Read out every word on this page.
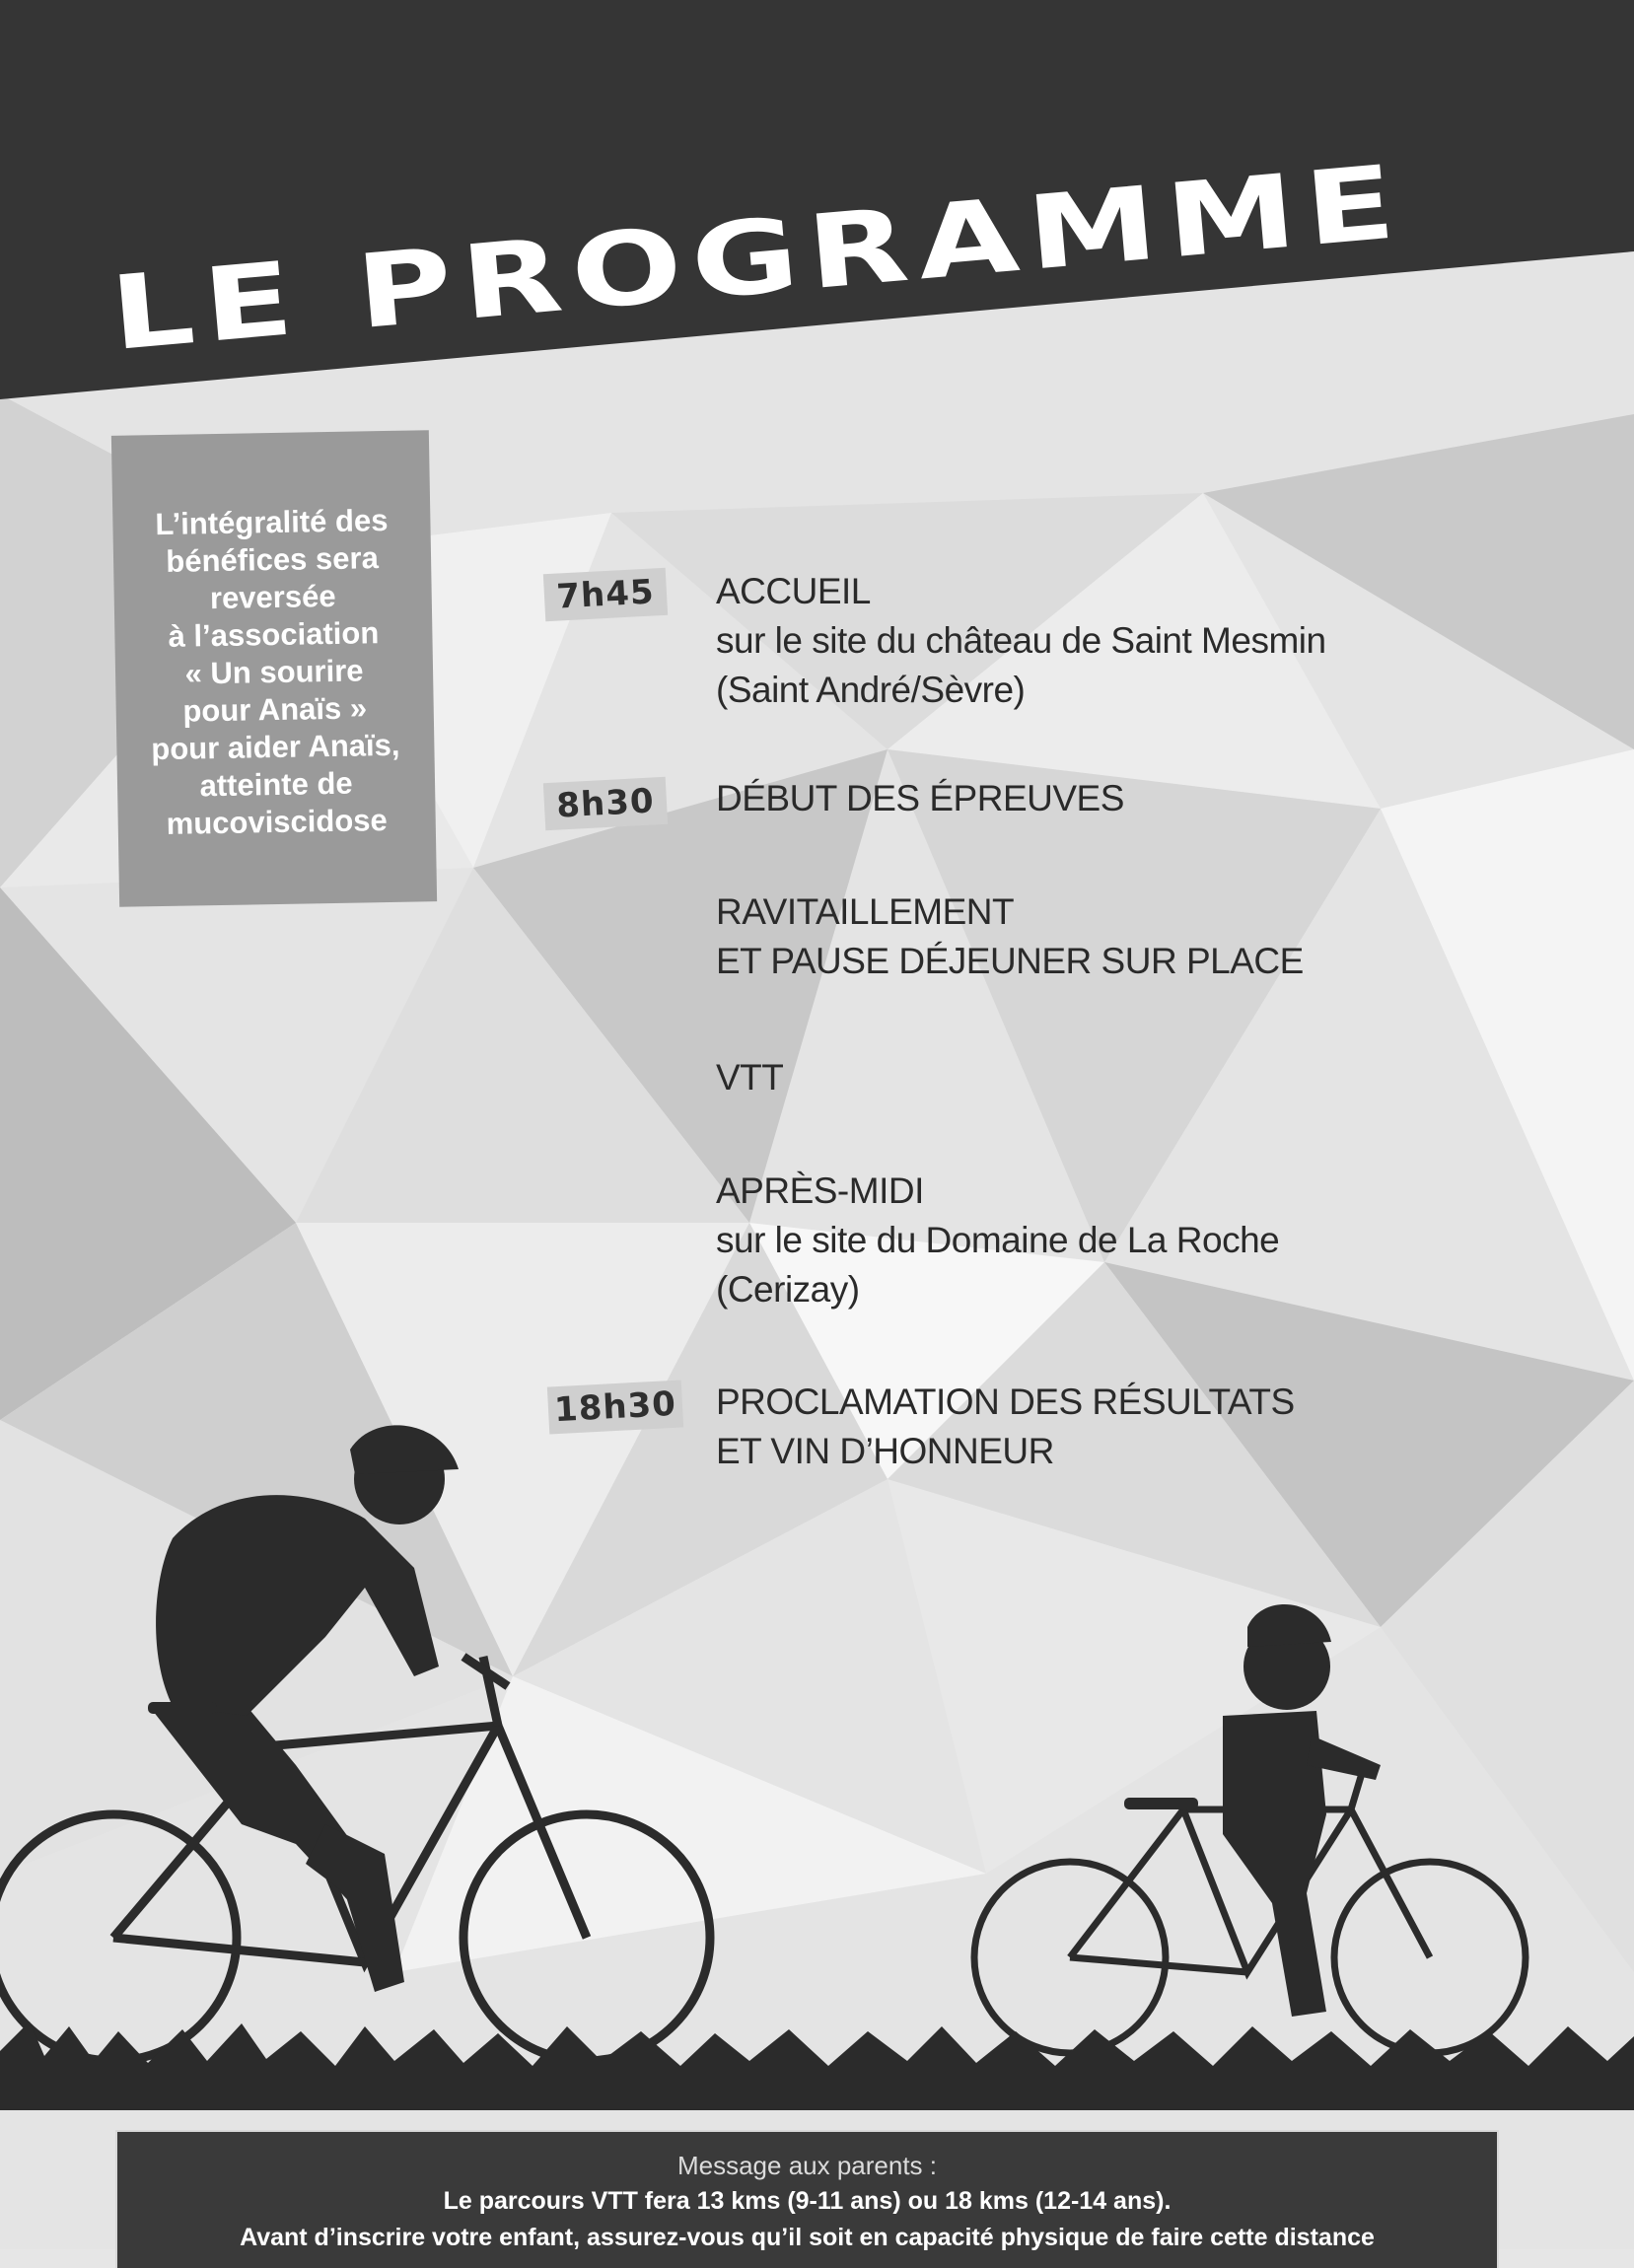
LE PROGRAMME
L’intégralité des
bénéfices sera
reversée
à l’association
« Un sourire
pour Anaïs »
pour aider Anaïs,
atteinte de
mucoviscidose
7h45	ACCUEIL
sur le site du château de Saint Mesmin
(Saint André/Sèvre)
8h30	DÉBUT DES ÉPREUVES
RAVITAILLEMENT
ET PAUSE DÉJEUNER SUR PLACE
VTT
APRÈS-MIDI
sur le site du Domaine de La Roche
(Cerizay)
18h30 PROCLAMATION DES RÉSULTATS
ET VIN D’HONNEUR
Message aux parents :
Le parcours VTT fera 13 kms (9-11 ans) ou 18 kms (12-14 ans).
Avant d’inscrire votre enfant, assurez-vous qu’il soit en capacité physique de faire cette distance
